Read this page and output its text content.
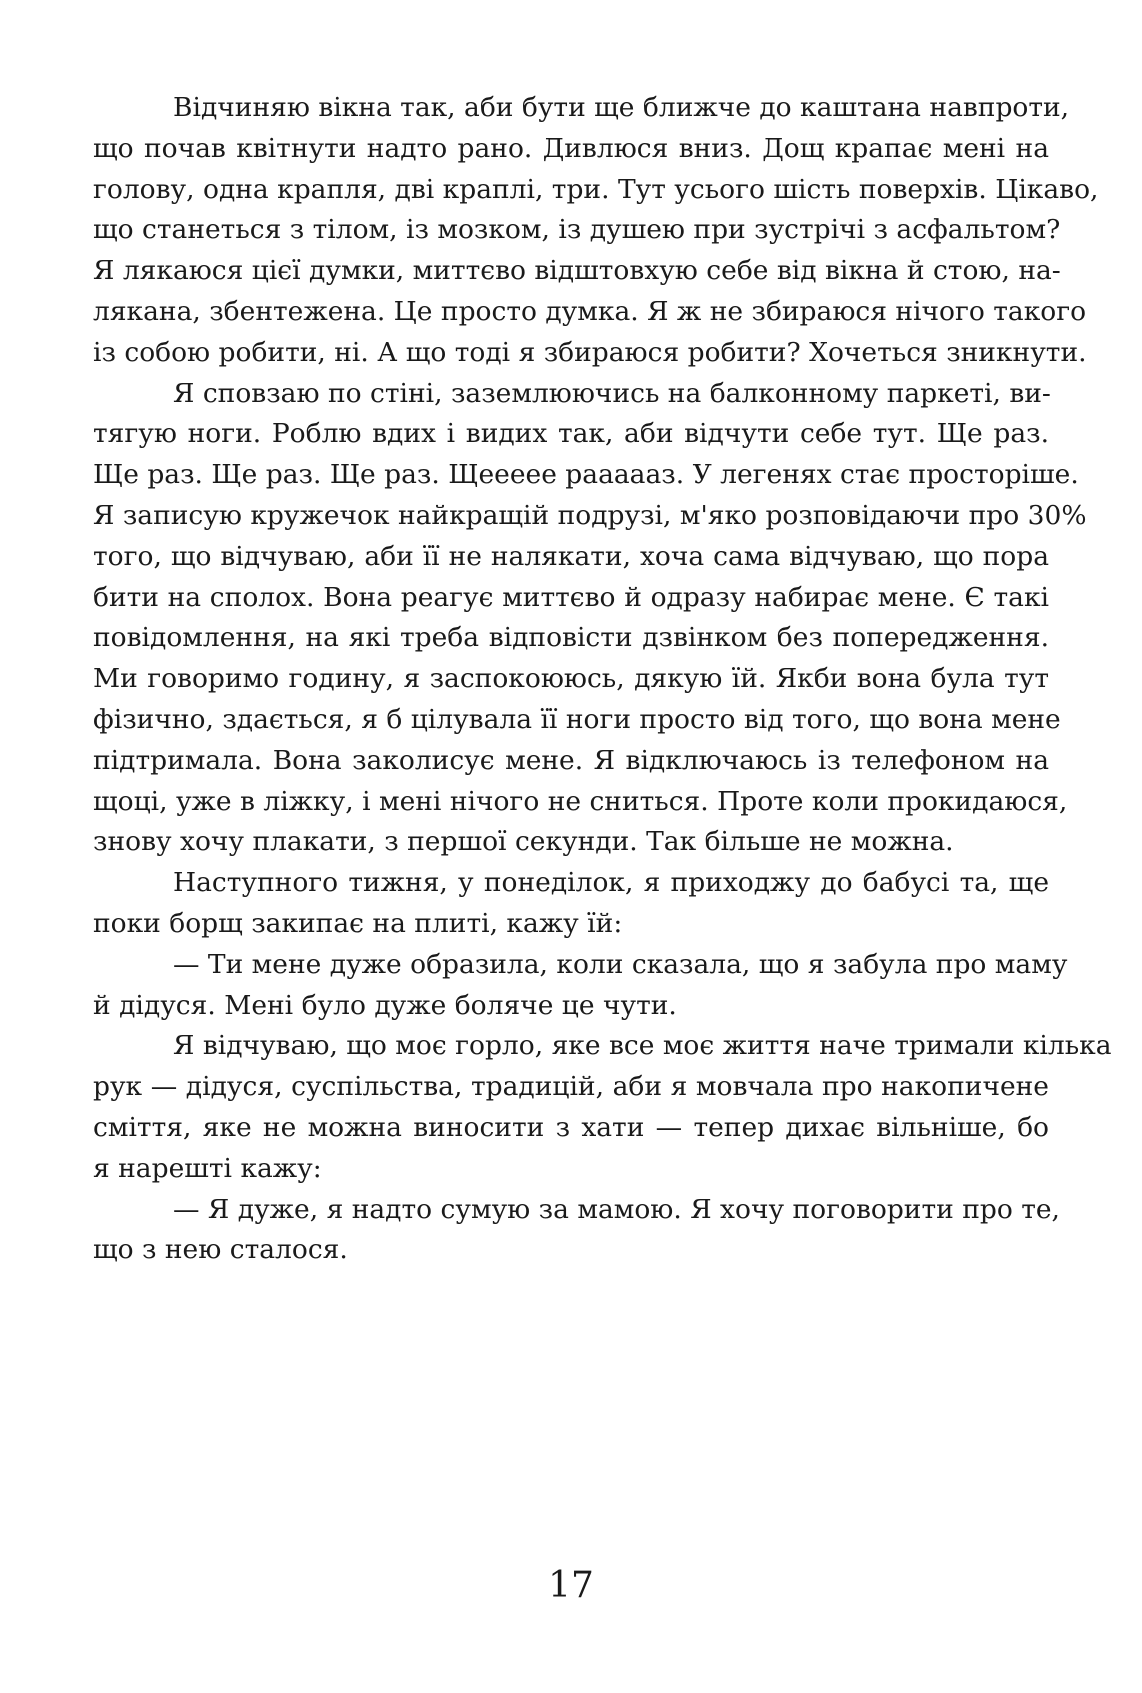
Відчиняю вікна так, аби бути ще ближче до каштана навпроти,
що почав квітнути надто рано. Дивлюся вниз. Дощ крапає мені на
голову, одна крапля, дві краплі, три. Тут усього шість поверхів. Цікаво,
що станеться з тілом, із мозком, із душею при зустрічі з асфальтом?
Я лякаюся цієї думки, миттєво відштовхую себе від вікна й стою, на-
лякана, збентежена. Це просто думка. Я ж не збираюся нічого такого
із собою робити, ні. А що тоді я збираюся робити? Хочеться зникнути.
Я сповзаю по стіні, заземлюючись на балконному паркеті, ви-
тягую ноги. Роблю вдих і видих так, аби відчути себе тут. Ще раз.
Ще раз. Ще раз. Ще раз. Щееееe раааааз. У легенях стає просторіше.
Я записую кружечок найкращій подрузі, м'яко розповідаючи про 30%
того, що відчуваю, аби її не налякати, хоча сама відчуваю, що пора
бити на сполох. Вона реагує миттєво й одразу набирає мене. Є такі
повідомлення, на які треба відповісти дзвінком без попередження.
Ми говоримо годину, я заспокоююсь, дякую їй. Якби вона була тут
фізично, здається, я б цілувала її ноги просто від того, що вона мене
підтримала. Вона заколисує мене. Я відключаюсь із телефоном на
щоці, уже в ліжку, і мені нічого не сниться. Проте коли прокидаюся,
знову хочу плакати, з першої секунди. Так більше не можна.
Наступного тижня, у понеділок, я приходжу до бабусі та, ще
поки борщ закипає на плиті, кажу їй:
— Ти мене дуже образила, коли сказала, що я забула про маму
й дідуся. Мені було дуже боляче це чути.
Я відчуваю, що моє горло, яке все моє життя наче тримали кілька
рук — дідуся, суспільства, традицій, аби я мовчала про накопичене
сміття, яке не можна виносити з хати — тепер дихає вільніше, бо
я нарешті кажу:
— Я дуже, я надто сумую за мамою. Я хочу поговорити про те,
що з нею сталося.
17
